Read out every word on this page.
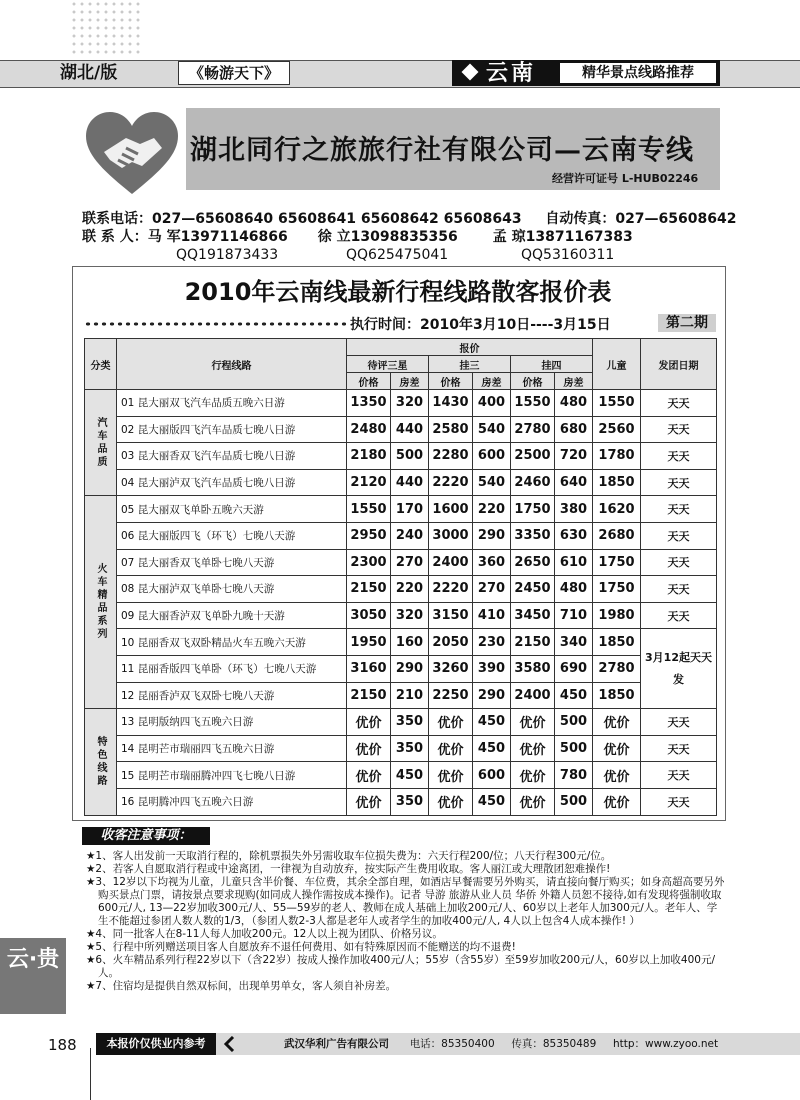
湖北/版	《畅游天下》	云南	精华景点线路推荐
湖北同行之旅旅行社有限公司—云南专线
经营许可证号 L-HUB02246
联系电话：027—65608640 65608641 65608642 65608643 自动传真：027—65608642
联 系 人：马 军13971146866 徐 立13098835356 孟 琼13871167383
QQ191873433	QQ625475041	QQ53160311
2010年云南线最新行程线路散客报价表
执行时间：2010年3月10日----3月15日	第二期
分类	行程线路	报价						儿童	发团日期
		待评三星		挂三		挂四			
		价格	房差	价格	房差	价格	房差		
汽车品质	01 昆大丽双飞汽车品质五晚六日游	1350	320	1430	400	1550	480	1550	天天
	02 昆大丽版四飞汽车品质七晚八日游	2480	440	2580	540	2780	680	2560	天天
	03 昆大丽香双飞汽车品质七晚八日游	2180	500	2280	600	2500	720	1780	天天
	04 昆大丽泸双飞汽车品质七晚八日游	2120	440	2220	540	2460	640	1850	天天
火车精品系列	05 昆大丽双飞单卧五晚六天游	1550	170	1600	220	1750	380	1620	天天
	06 昆大丽版四飞（环飞）七晚八天游	2950	240	3000	290	3350	630	2680	天天
	07 昆大丽香双飞单卧七晚八天游	2300	270	2400	360	2650	610	1750	天天
	08 昆大丽泸双飞单卧七晚八天游	2150	220	2220	270	2450	480	1750	天天
	09 昆大丽香泸双飞单卧九晚十天游	3050	320	3150	410	3450	710	1980	天天
	10 昆丽香双飞双卧精品火车五晚六天游	1950	160	2050	230	2150	340	1850	3月12起天天发
	11 昆丽香版四飞单卧（环飞）七晚八天游	3160	290	3260	390	3580	690	2780	
	12 昆丽香泸双飞双卧七晚八天游	2150	210	2250	290	2400	450	1850	
特色线路	13 昆明版纳四飞五晚六日游	优价	350	优价	450	优价	500	优价	天天
	14 昆明芒市瑞丽四飞五晚六日游	优价	350	优价	450	优价	500	优价	天天
	15 昆明芒市瑞丽腾冲四飞七晚八日游	优价	450	优价	600	优价	780	优价	天天
	16 昆明腾冲四飞五晚六日游	优价	350	优价	450	优价	500	优价	天天
收客注意事项：

★1、客人出发前一天取消行程的，除机票损失外另需收取车位损失费为：六天行程200/位；八天行程300元/位。

★2、若客人自愿取消行程或中途离团，一律视为自动放弃，按实际产生费用收取。客人丽江或大理散团恕难操作!

★3、12岁以下均视为儿童，儿童只含半价餐、车位费，其余全部自理，如酒店早餐需要另外购买，请直接向餐厅购买；如身高超高要另外购买景点门票，请按景点要求现购(如同成人操作需按成本操作)。记者 导游 旅游从业人员 华侨 外籍人员恕不接待,如有发现将强制收取600元/人, 13—22岁加收300元/人、55—59岁的老人、教师在成人基础上加收200元/人、60岁以上老年人加300元/人。老年人、学生不能超过参团人数人数的1/3，（参团人数2-3人都是老年人或者学生的加收400元/人, 4人以上包含4人成本操作! ）

★4、同一批客人在8-11人每人加收200元。12人以上视为团队、价格另议。

★5、行程中所列赠送项目客人自愿放弃不退任何费用、如有特殊原因而不能赠送的均不退费!

★6、火车精品系列行程22岁以下（含22岁）按成人操作加收400元/人；55岁（含55岁）至59岁加收200元/人，60岁以上加收400元/人。

★7、住宿均是提供自然双标间，出现单男单女，客人须自补房差。

云·贵
188	本报价仅供业内参考	武汉华利广告有限公司 电话：85350400 传真：85350489 http：www.zyoo.net
